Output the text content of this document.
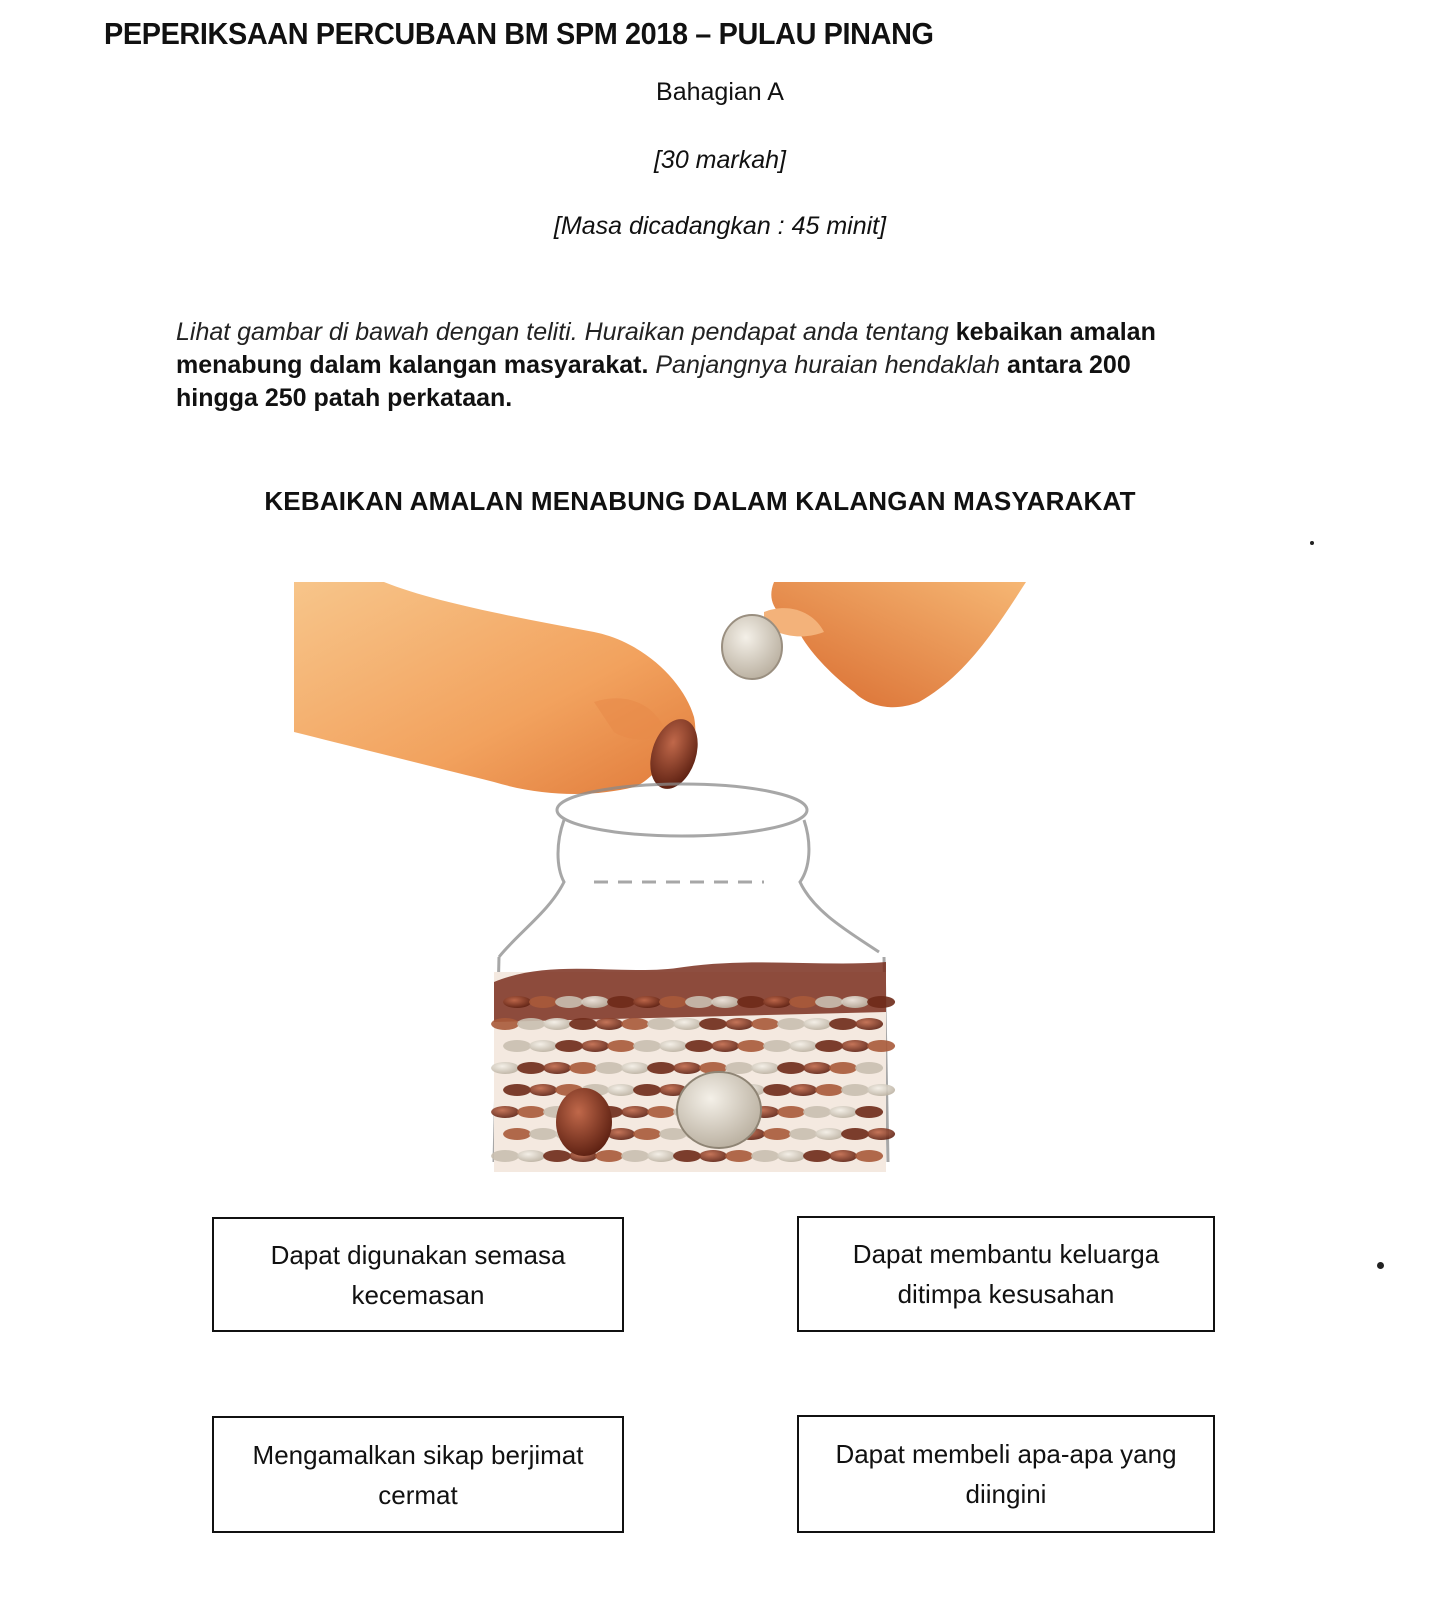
PEPERIKSAAN PERCUBAAN BM SPM 2018 – PULAU PINANG
Bahagian A
[30 markah]
[Masa dicadangkan : 45 minit]
Lihat gambar di bawah dengan teliti. Huraikan pendapat anda tentang kebaikan amalan menabung dalam kalangan masyarakat. Panjangnya huraian hendaklah antara 200 hingga 250 patah perkataan.
KEBAIKAN AMALAN MENABUNG DALAM KALANGAN MASYARAKAT
Dapat digunakan semasa
kecemasan
Dapat membantu keluarga
ditimpa kesusahan
Mengamalkan sikap berjimat
cermat
Dapat membeli apa-apa yang
diingini
